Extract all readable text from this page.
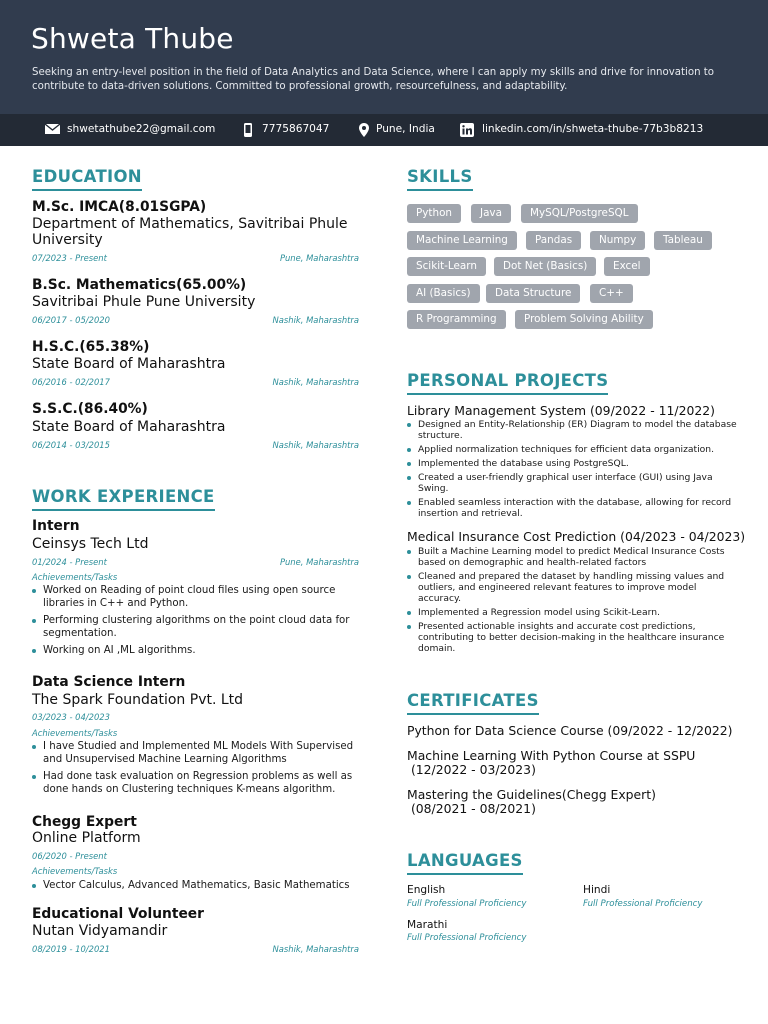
Shweta Thube
Seeking an entry-level position in the field of Data Analytics and Data Science, where I can apply my skills and drive for innovation to contribute to data-driven solutions. Committed to professional growth, resourcefulness, and adaptability.
shwetathube22@gmail.com	7775867047	Pune, India	linkedin.com/in/shweta-thube-77b3b8213
EDUCATION
M.Sc. IMCA(8.01SGPA)
Department of Mathematics, Savitribai Phule University
07/2023 - Present	Pune, Maharashtra
B.Sc. Mathematics(65.00%)
Savitribai Phule Pune University
06/2017 - 05/2020	Nashik, Maharashtra
H.S.C.(65.38%)
State Board of Maharashtra
06/2016 - 02/2017	Nashik, Maharashtra
S.S.C.(86.40%)
State Board of Maharashtra
06/2014 - 03/2015	Nashik, Maharashtra
WORK EXPERIENCE
Intern
Ceinsys Tech Ltd
01/2024 - Present	Pune, Maharashtra
Achievements/Tasks
Worked on Reading of point cloud files using open source libraries in C++ and Python.
Performing clustering algorithms on the point cloud data for segmentation.
Working on AI ,ML algorithms.
Data Science Intern
The Spark Foundation Pvt. Ltd
03/2023 - 04/2023
Achievements/Tasks
I have Studied and Implemented ML Models With Supervised and Unsupervised Machine Learning Algorithms
Had done task evaluation on Regression problems as well as done hands on Clustering techniques K-means algorithm.
Chegg Expert
Online Platform
06/2020 - Present
Achievements/Tasks
Vector Calculus, Advanced Mathematics, Basic Mathematics
Educational Volunteer
Nutan Vidyamandir
08/2019 - 10/2021	Nashik, Maharashtra
SKILLS
Python	Java	MySQL/PostgreSQL
Machine Learning	Pandas	Numpy	Tableau
Scikit-Learn	Dot Net (Basics)	Excel
AI (Basics)	Data Structure	C++
R Programming	Problem Solving Ability
PERSONAL PROJECTS
Library Management System (09/2022 - 11/2022)
Designed an Entity-Relationship (ER) Diagram to model the database structure.
Applied normalization techniques for efficient data organization.
Implemented the database using PostgreSQL.
Created a user-friendly graphical user interface (GUI) using Java Swing.
Enabled seamless interaction with the database, allowing for record insertion and retrieval.
Medical Insurance Cost Prediction (04/2023 - 04/2023)
Built a Machine Learning model to predict Medical Insurance Costs based on demographic and health-related factors
Cleaned and prepared the dataset by handling missing values and outliers, and engineered relevant features to improve model accuracy.
Implemented a Regression model using Scikit-Learn.
Presented actionable insights and accurate cost predictions, contributing to better decision-making in the healthcare insurance domain.
CERTIFICATES
Python for Data Science Course (09/2022 - 12/2022)
Machine Learning With Python Course at SSPU
(12/2022 - 03/2023)
Mastering the Guidelines(Chegg Expert)
(08/2021 - 08/2021)
LANGUAGES
English
Full Professional Proficiency
Hindi
Full Professional Proficiency
Marathi
Full Professional Proficiency
